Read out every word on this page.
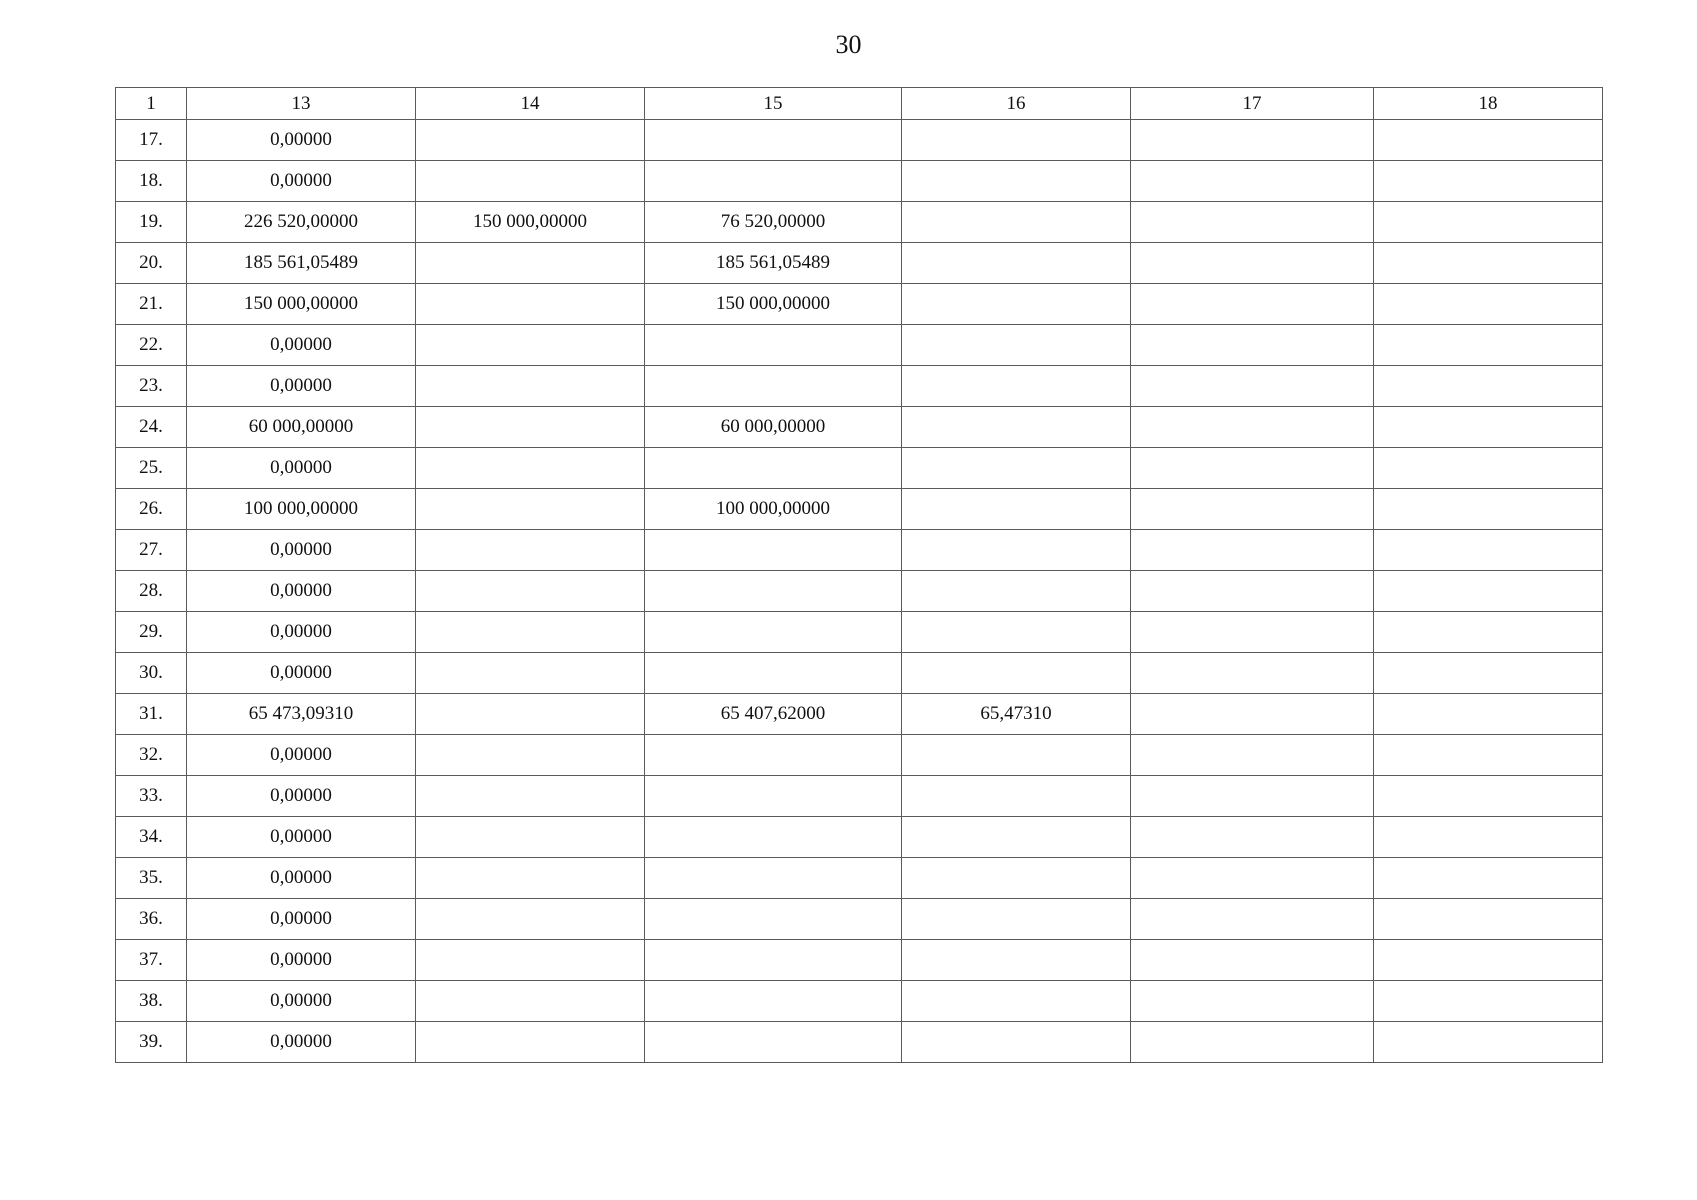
30
1	13	14	15	16	17	18
17.	0,00000					
18.	0,00000					
19.	226 520,00000	150 000,00000	76 520,00000			
20.	185 561,05489		185 561,05489			
21.	150 000,00000		150 000,00000			
22.	0,00000					
23.	0,00000					
24.	60 000,00000		60 000,00000			
25.	0,00000					
26.	100 000,00000		100 000,00000			
27.	0,00000					
28.	0,00000					
29.	0,00000					
30.	0,00000					
31.	65 473,09310		65 407,62000	65,47310		
32.	0,00000					
33.	0,00000					
34.	0,00000					
35.	0,00000					
36.	0,00000					
37.	0,00000					
38.	0,00000					
39.	0,00000					
